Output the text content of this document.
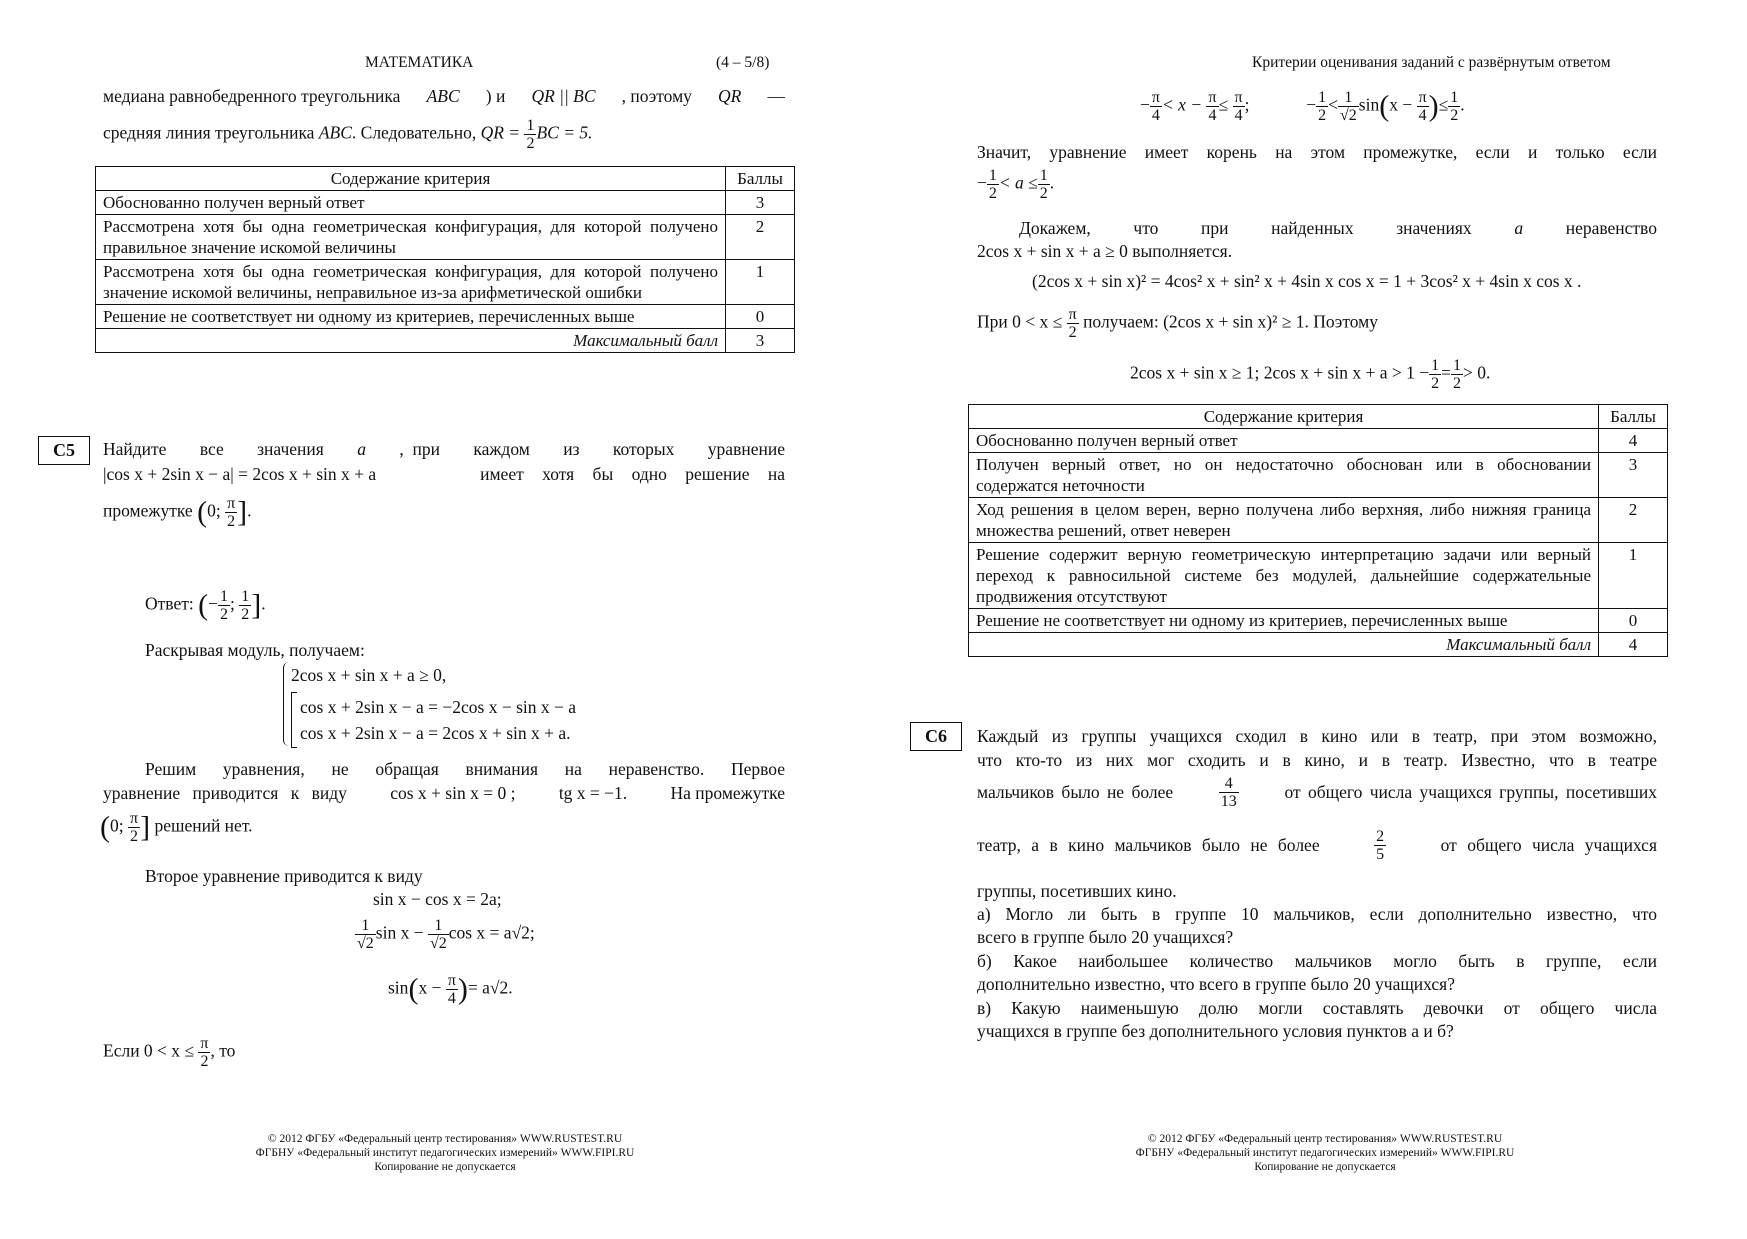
МАТЕМАТИКА	(4 – 5/8)
медиана равнобедренного треугольника ABC ) и QR || BC , поэтому QR —
средняя линия треугольника ABC. Следовательно, QR = $\frac{1}{2}$ BC = 5.
Содержание критерия	Баллы
Обоснованно получен верный ответ	3
Рассмотрена хотя бы одна геометрическая конфигурация, для которой получено правильное значение искомой величины	2
Рассмотрена хотя бы одна геометрическая конфигурация, для которой получено значение искомой величины, неправильное из-за арифметической ошибки	1
Решение не соответствует ни одному из критериев, перечисленных выше	0
Максимальный балл	3
C5	Найдите все значения a ,  при каждом из которых уравнение
|cos x + 2sin x − a| = 2cos x + sin x + a	имеет хотя бы одно решение на
промежутке (0; $\frac{\pi}{2}$ ].
Ответ: (− $\frac{1}{2}$ ; $\frac{1}{2}$ ].
Раскрывая модуль, получаем:
2cos x + sin x + a ≥ 0,
cos x + 2sin x − a = −2cos x − sin x − a
cos x + 2sin x − a = 2cos x + sin x + a.
Решим уравнения, не обращая внимания на неравенство. Первое
уравнение приводится к виду cos x + sin x = 0 ; tg x = −1. На промежутке
(0; $\frac{\pi}{2}$ ] решений нет.
Второе уравнение приводится к виду
sin x − cos x = 2a;
$\frac{1}{√2}$ $\sin x - \frac{1}{√2}$ cos x = a√2;
$\sin(x - \frac{\pi}{4}$ )= a√2.
Если $0 < x \le \frac{\pi}{2}$ , то
© 2012 ФГБУ «Федеральный центр тестирования» WWW.RUSTEST.RU
ФГБНУ «Федеральный институт педагогических измерений» WWW.FIPI.RU
Копирование не допускается
Критерии оценивания заданий с развёрнутым ответом
− $\frac{\pi}{4} < x - \frac{\pi}{4} \le \frac{\pi}{4}$ ;	− $\frac{1}{2} < \frac{1}{√2} \sin(x - \frac{\pi}{4}$ )≤ $\frac{1}{2}$ .
Значит, уравнение имеет корень на этом промежутке, если и только если
− $\frac{1}{2} < a \le \frac{1}{2}$ .
Докажем, что при найденных значениях a неравенство
2cos x + sin x + a ≥ 0 выполняется.
(2cos x + sin x)² = 4cos² x + sin² x + 4sin x cos x = 1 + 3cos² x + 4sin x cos x .
При $0 < x \le \frac{\pi}{2}$ получаем: (2cos x + sin x)² ≥ 1. Поэтому
2cos x + sin x ≥ 1; 2cos $x + \sin x + a > 1 - \frac{1}{2} = \frac{1}{2} > 0$.
Содержание критерия	Баллы
Обоснованно получен верный ответ	4
Получен верный ответ, но он недостаточно обоснован или в обосновании содержатся неточности	3
Ход решения в целом верен, верно получена либо верхняя, либо нижняя граница множества решений, ответ неверен	2
Решение содержит верную геометрическую интерпретацию задачи или верный переход к равносильной системе без модулей, дальнейшие содержательные продвижения отсутствуют	1
Решение не соответствует ни одному из критериев, перечисленных выше	0
Максимальный балл	4
C6	Каждый из группы учащихся сходил в кино или в театр, при этом возможно,
что кто-то из них мог сходить и в кино, и в театр. Известно, что в театре
мальчиков было не более	$\frac{4}{13}$	от общего числа учащихся группы, посетивших
театр, а в кино мальчиков было не более	$\frac{2}{5}$	от общего числа учащихся
группы, посетивших кино.
а) Могло ли быть в группе 10 мальчиков, если дополнительно известно, что
всего в группе было 20 учащихся?
б) Какое наибольшее количество мальчиков могло быть в группе, если
дополнительно известно, что всего в группе было 20 учащихся?
в) Какую наименьшую долю могли составлять девочки от общего числа
учащихся в группе без дополнительного условия пунктов а и б?
© 2012 ФГБУ «Федеральный центр тестирования» WWW.RUSTEST.RU
ФГБНУ «Федеральный институт педагогических измерений» WWW.FIPI.RU
Копирование не допускается
